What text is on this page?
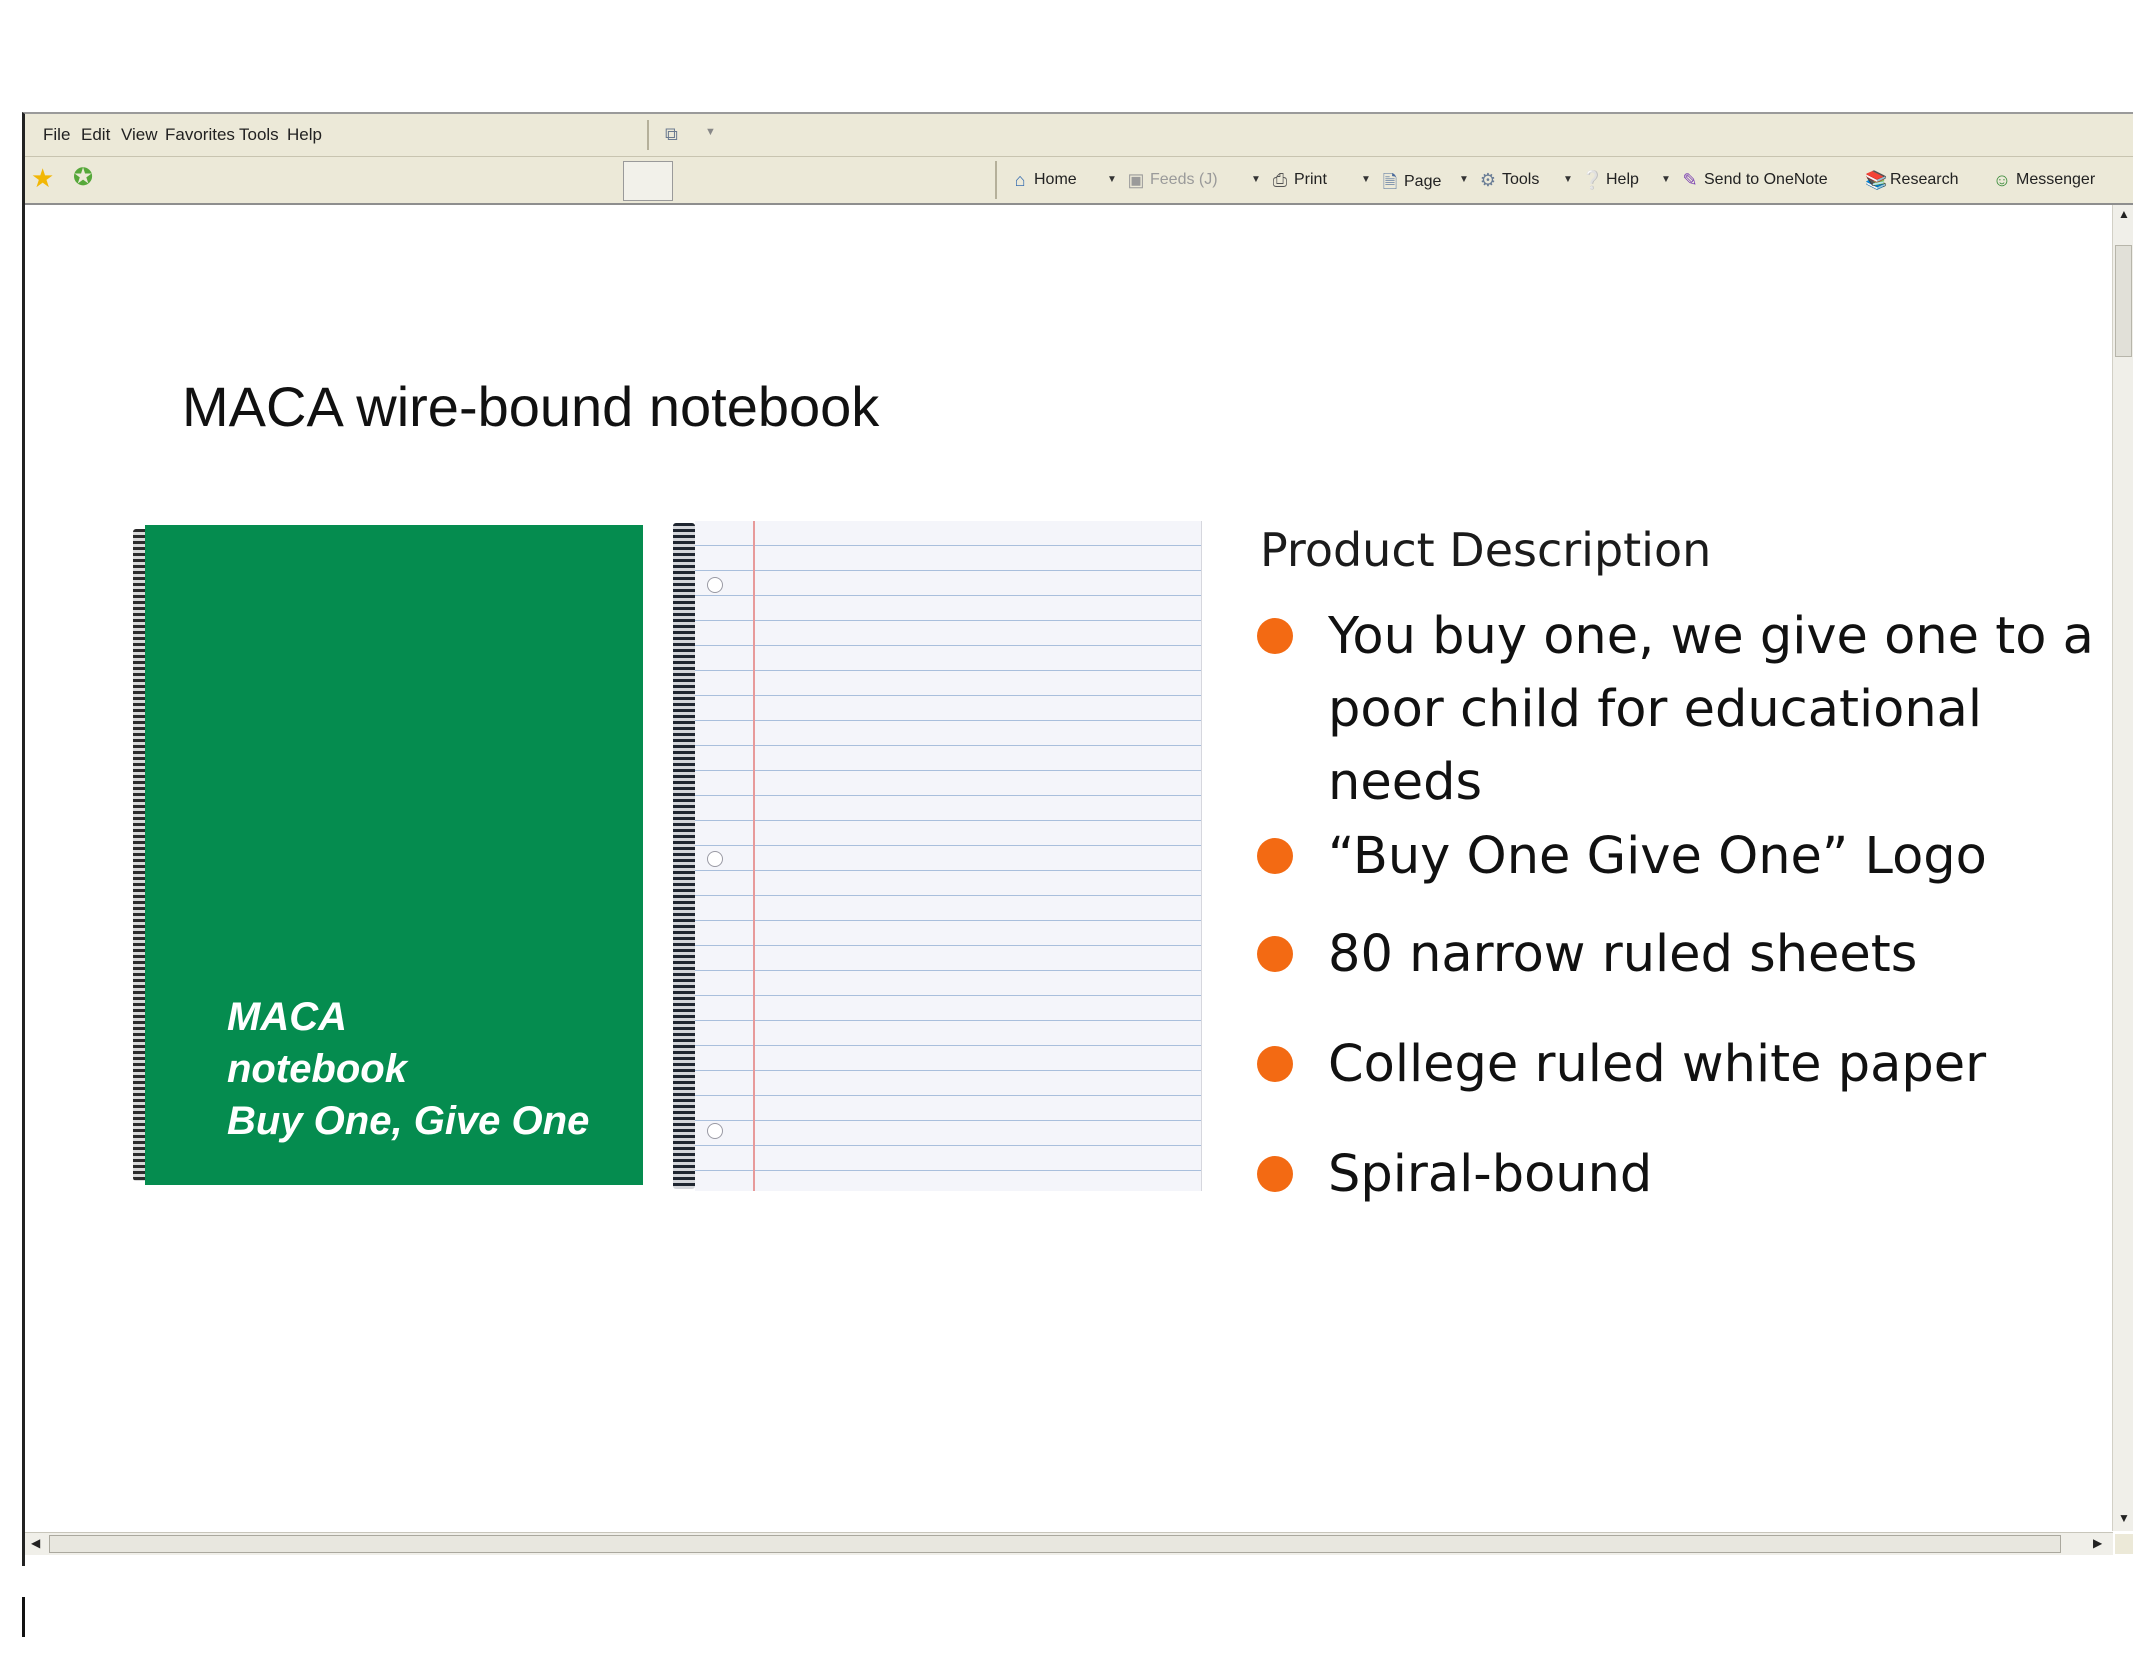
File Edit View Favorites Tools Help	⧉	▼
★ ✪	⌂ Home	▼ ▣ Feeds (J)	▼ ⎙ Print	▼ 🗎 Page ▼ ⚙ Tools ▼ ❔ Help ▼ ✎ Send to OneNote 📚 Research ☺ Messenger
MACA wire-bound notebook
MACA
notebook
Buy One, Give One
Product Description
You buy one, we give one to a
poor child for educational
needs
“Buy One Give One” Logo
80 narrow ruled sheets
College ruled white paper
Spiral-bound
▲
▼
◀	▶
